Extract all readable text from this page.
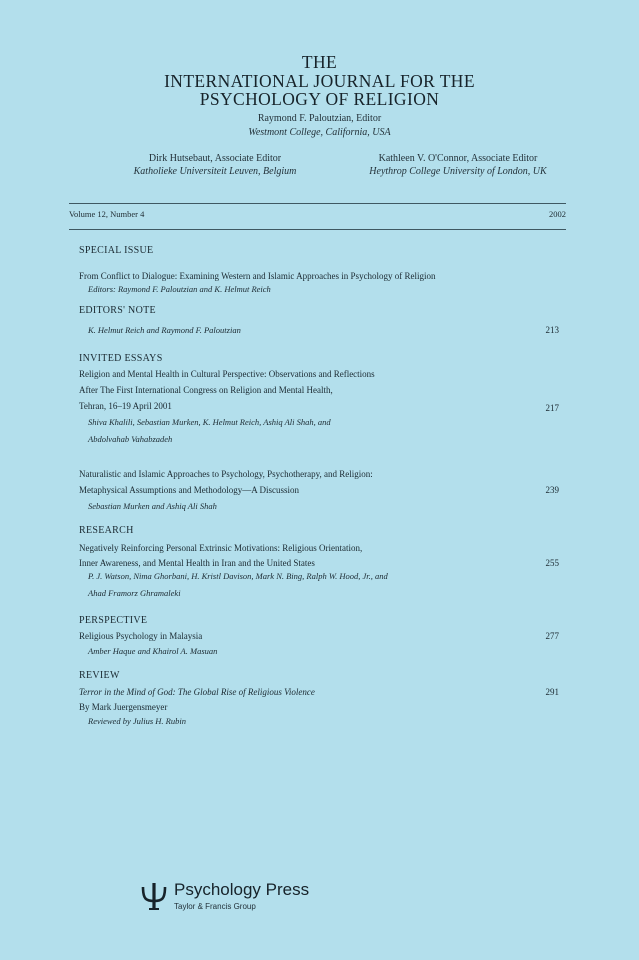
THE
INTERNATIONAL JOURNAL FOR THE
PSYCHOLOGY OF RELIGION
Raymond F. Paloutzian, Editor
Westmont College, California, USA
Dirk Hutsebaut, Associate Editor
Katholieke Universiteit Leuven, Belgium
Kathleen V. O'Connor, Associate Editor
Heythrop College University of London, UK
Volume 12, Number 4	2002
SPECIAL ISSUE
From Conflict to Dialogue: Examining Western and Islamic Approaches in Psychology of Religion
Editors: Raymond F. Paloutzian and K. Helmut Reich
EDITORS' NOTE
K. Helmut Reich and Raymond F. Paloutzian	213
INVITED ESSAYS
Religion and Mental Health in Cultural Perspective: Observations and Reflections
After The First International Congress on Religion and Mental Health,
Tehran, 16–19 April 2001	217
Shiva Khalili, Sebastian Murken, K. Helmut Reich, Ashiq Ali Shah, and
Abdolvahab Vahabzadeh
Naturalistic and Islamic Approaches to Psychology, Psychotherapy, and Religion:
Metaphysical Assumptions and Methodology—A Discussion	239
Sebastian Murken and Ashiq Ali Shah
RESEARCH
Negatively Reinforcing Personal Extrinsic Motivations: Religious Orientation,
Inner Awareness, and Mental Health in Iran and the United States	255
P. J. Watson, Nima Ghorbani, H. Kristl Davison, Mark N. Bing, Ralph W. Hood, Jr., and
Ahad Framorz Ghramaleki
PERSPECTIVE
Religious Psychology in Malaysia	277
Amber Haque and Khairol A. Masuan
REVIEW
Terror in the Mind of God: The Global Rise of Religious Violence	291
By Mark Juergensmeyer
Reviewed by Julius H. Rubin
Psychology Press
Taylor & Francis Group
